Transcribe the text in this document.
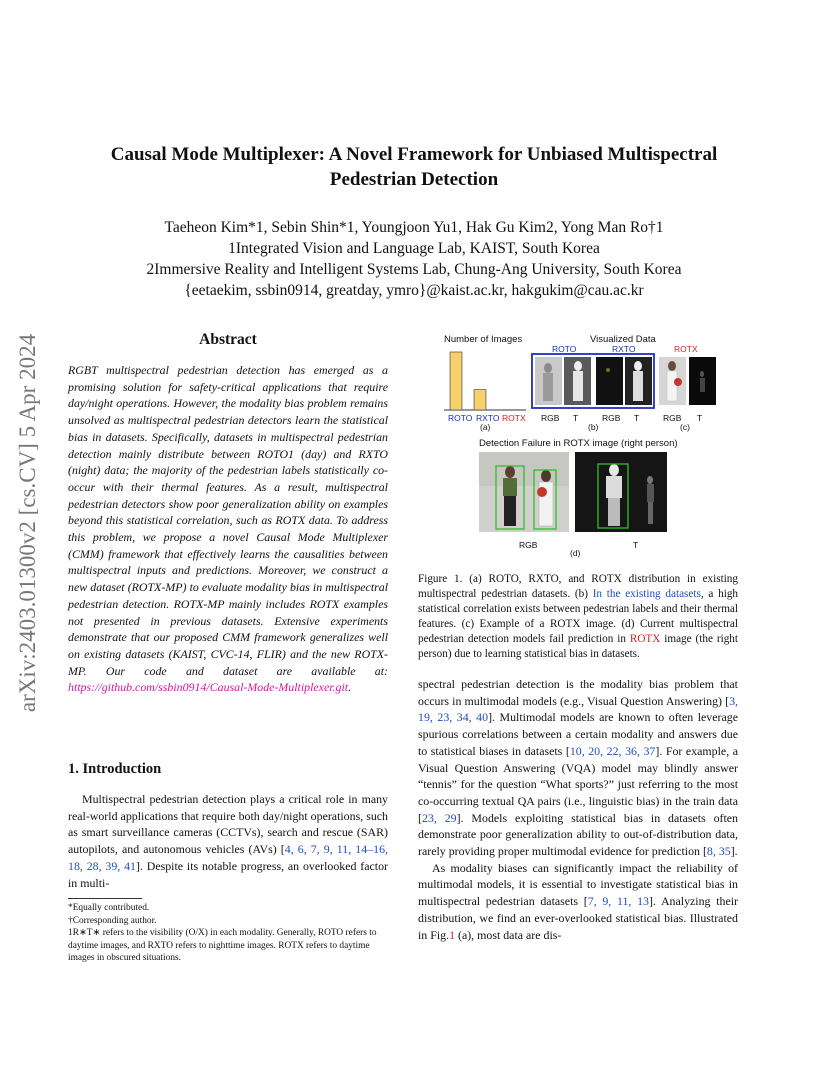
arXiv:2403.01300v2 [cs.CV] 5 Apr 2024
Causal Mode Multiplexer: A Novel Framework for Unbiased Multispectral
Pedestrian Detection
Taeheon Kim*1, Sebin Shin*1, Youngjoon Yu1, Hak Gu Kim2, Yong Man Ro†1
1Integrated Vision and Language Lab, KAIST, South Korea
2Immersive Reality and Intelligent Systems Lab, Chung-Ang University, South Korea
{eetaekim, ssbin0914, greatday, ymro}@kaist.ac.kr, hakgukim@cau.ac.kr
Abstract
RGBT multispectral pedestrian detection has emerged as a promising solution for safety-critical applications that require day/night operations. However, the modality bias problem remains unsolved as multispectral pedestrian detectors learn the statistical bias in datasets. Specifically, datasets in multispectral pedestrian detection mainly distribute between ROTO1 (day) and RXTO (night) data; the majority of the pedestrian labels statistically co-occur with their thermal features. As a result, multispectral pedestrian detectors show poor generalization ability on examples beyond this statistical correlation, such as ROTX data. To address this problem, we propose a novel Causal Mode Multiplexer (CMM) framework that effectively learns the causalities between multispectral inputs and predictions. Moreover, we construct a new dataset (ROTX-MP) to evaluate modality bias in multispectral pedestrian detection. ROTX-MP mainly includes ROTX examples not presented in previous datasets. Extensive experiments demonstrate that our proposed CMM framework generalizes well on existing datasets (KAIST, CVC-14, FLIR) and the new ROTX-MP. Our code and dataset are available at: https://github.com/ssbin0914/Causal-Mode-Multiplexer.git.
1. Introduction
Multispectral pedestrian detection plays a critical role in many real-world applications that require both day/night operations, such as smart surveillance cameras (CCTVs), search and rescue (SAR) autopilots, and autonomous vehicles (AVs) [4, 6, 7, 9, 11, 14–16, 18, 28, 39, 41]. Despite its notable progress, an overlooked factor in multi-

*Equally contributed.

†Corresponding author.

1R∗T∗ refers to the visibility (O/X) in each modality. Generally, ROTO refers to daytime images, and RXTO refers to nighttime images. ROTX refers to daytime images in obscured situations.

Number of Images	Visualized Data
ROTO RXTO ROTX
(a)
ROTO	RXTO	ROTX
RGB T	RGB T	RGB T
(b)	(c)
Detection Failure in ROTX image (right person)
RGB	T
(d)
Figure 1. (a) ROTO, RXTO, and ROTX distribution in existing multispectral pedestrian datasets. (b) In the existing datasets, a high statistical correlation exists between pedestrian labels and their thermal features. (c) Example of a ROTX image. (d) Current multispectral pedestrian detection models fail prediction in ROTX image (the right person) due to learning statistical bias in datasets.

spectral pedestrian detection is the modality bias problem that occurs in multimodal models (e.g., Visual Question Answering) [3, 19, 23, 34, 40]. Multimodal models are known to often leverage spurious correlations between a certain modality and answers due to statistical biases in datasets [10, 20, 22, 36, 37]. For example, a Visual Question Answering (VQA) model may blindly answer “tennis” for the question “What sports?” just referring to the most co-occurring textual QA pairs (i.e., linguistic bias) in the train data [23, 29]. Models exploiting statistical bias in datasets often demonstrate poor generalization ability to out-of-distribution data, rarely providing proper multimodal evidence for prediction [8, 35].

As modality biases can significantly impact the reliability of multimodal models, it is essential to investigate statistical bias in multispectral pedestrian datasets [7, 9, 11, 13]. Analyzing their distribution, we find an ever-overlooked statistical bias. Illustrated in Fig.1 (a), most data are dis-
